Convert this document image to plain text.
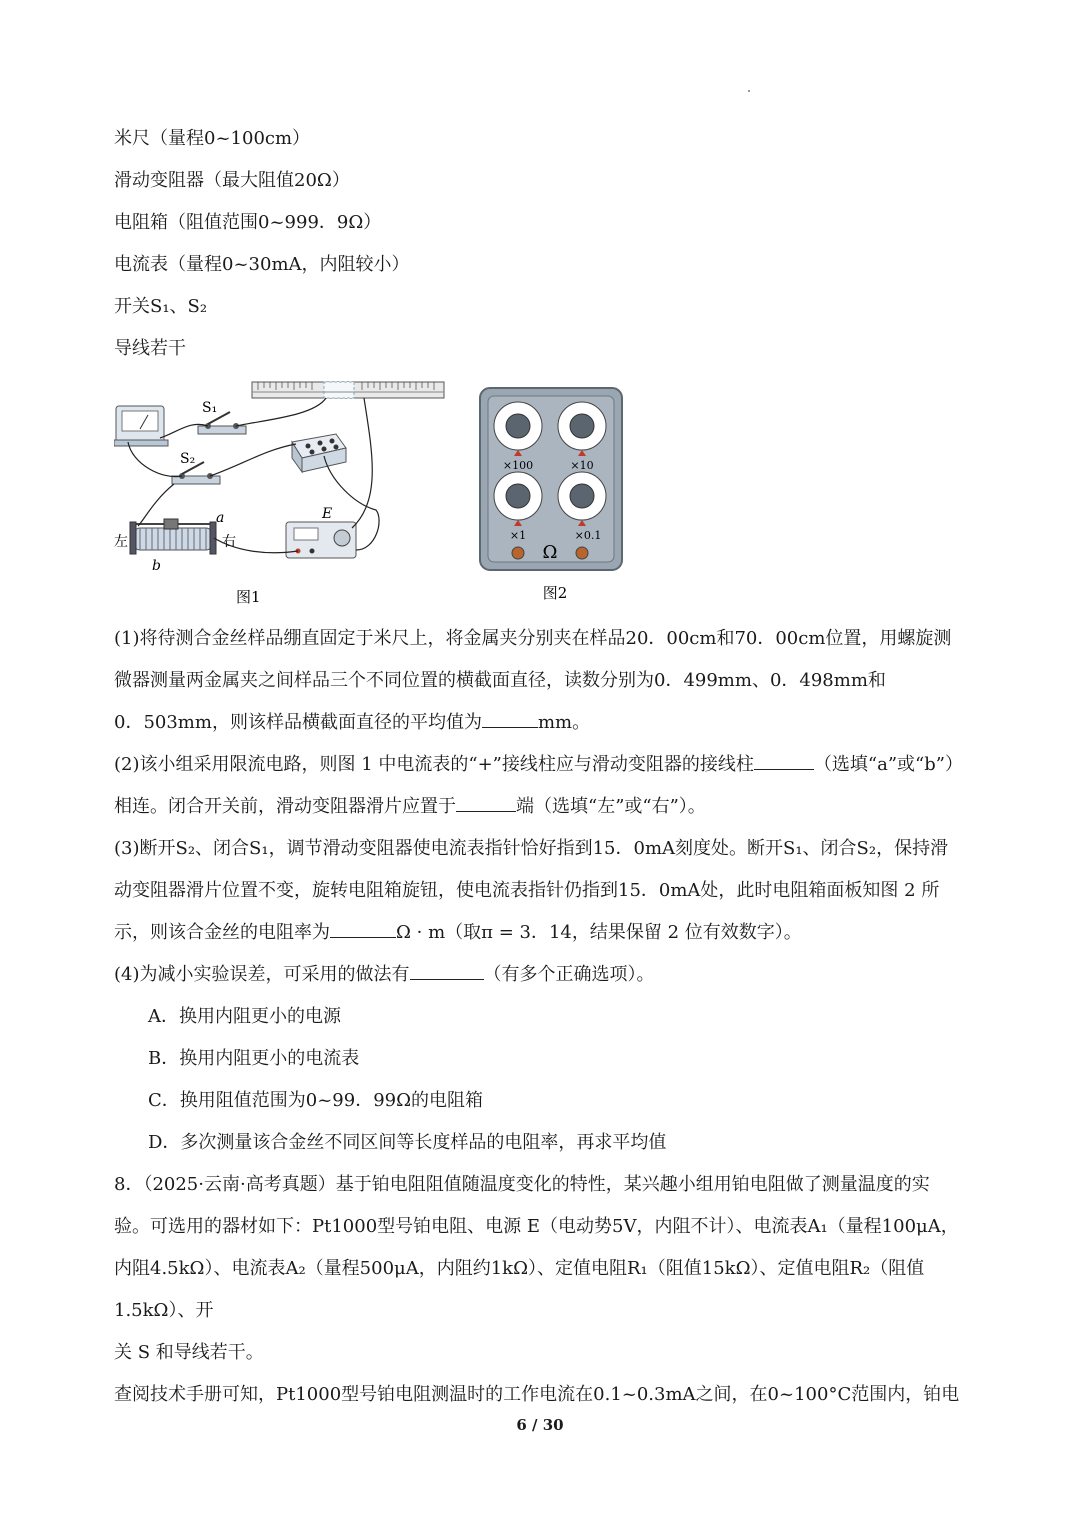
米尺（量程0~100cm）

滑动变阻器（最大阻值20Ω）

电阻箱（阻值范围0~999．9Ω）

电流表（量程0~30mA，内阻较小）

开关S₁、S₂

导线若干

S₁
S₂
a
b
左	右
E
图1
×100	×10
×1	×0.1
Ω
图2

(1)将待测合金丝样品绷直固定于米尺上，将金属夹分别夹在样品20．00cm和70．00cm位置，用螺旋测

微器测量两金属夹之间样品三个不同位置的横截面直径，读数分别为0．499mm、0．498mm和

0．503mm，则该样品横截面直径的平均值为	mm。

(2)该小组采用限流电路，则图 1 中电流表的“+”接线柱应与滑动变阻器的接线柱	（选填“a”或“b”）

相连。闭合开关前，滑动变阻器滑片应置于	端（选填“左”或“右”）。

(3)断开S₂、闭合S₁，调节滑动变阻器使电流表指针恰好指到15．0mA刻度处。断开S₁、闭合S₂，保持滑

动变阻器滑片位置不变，旋转电阻箱旋钮，使电流表指针仍指到15．0mA处，此时电阻箱面板知图 2 所

示，则该合金丝的电阻率为	Ω · m（取π = 3．14，结果保留 2 位有效数字）。

(4)为减小实验误差，可采用的做法有	（有多个正确选项）。

A．换用内阻更小的电源

B．换用内阻更小的电流表

C．换用阻值范围为0~99．99Ω的电阻箱

D．多次测量该合金丝不同区间等长度样品的电阻率，再求平均值

8．（2025·云南·高考真题）基于铂电阻阻值随温度变化的特性，某兴趣小组用铂电阻做了测量温度的实

验。可选用的器材如下：Pt1000型号铂电阻、电源 E（电动势5V，内阻不计）、电流表A₁（量程100μA，

内阻4.5kΩ）、电流表A₂（量程500μA，内阻约1kΩ）、定值电阻R₁（阻值15kΩ）、定值电阻R₂（阻值1.5kΩ）、开

关 S 和导线若干。

查阅技术手册可知，Pt1000型号铂电阻测温时的工作电流在0.1~0.3mA之间，在0~100°C范围内，铂电

6 / 30
